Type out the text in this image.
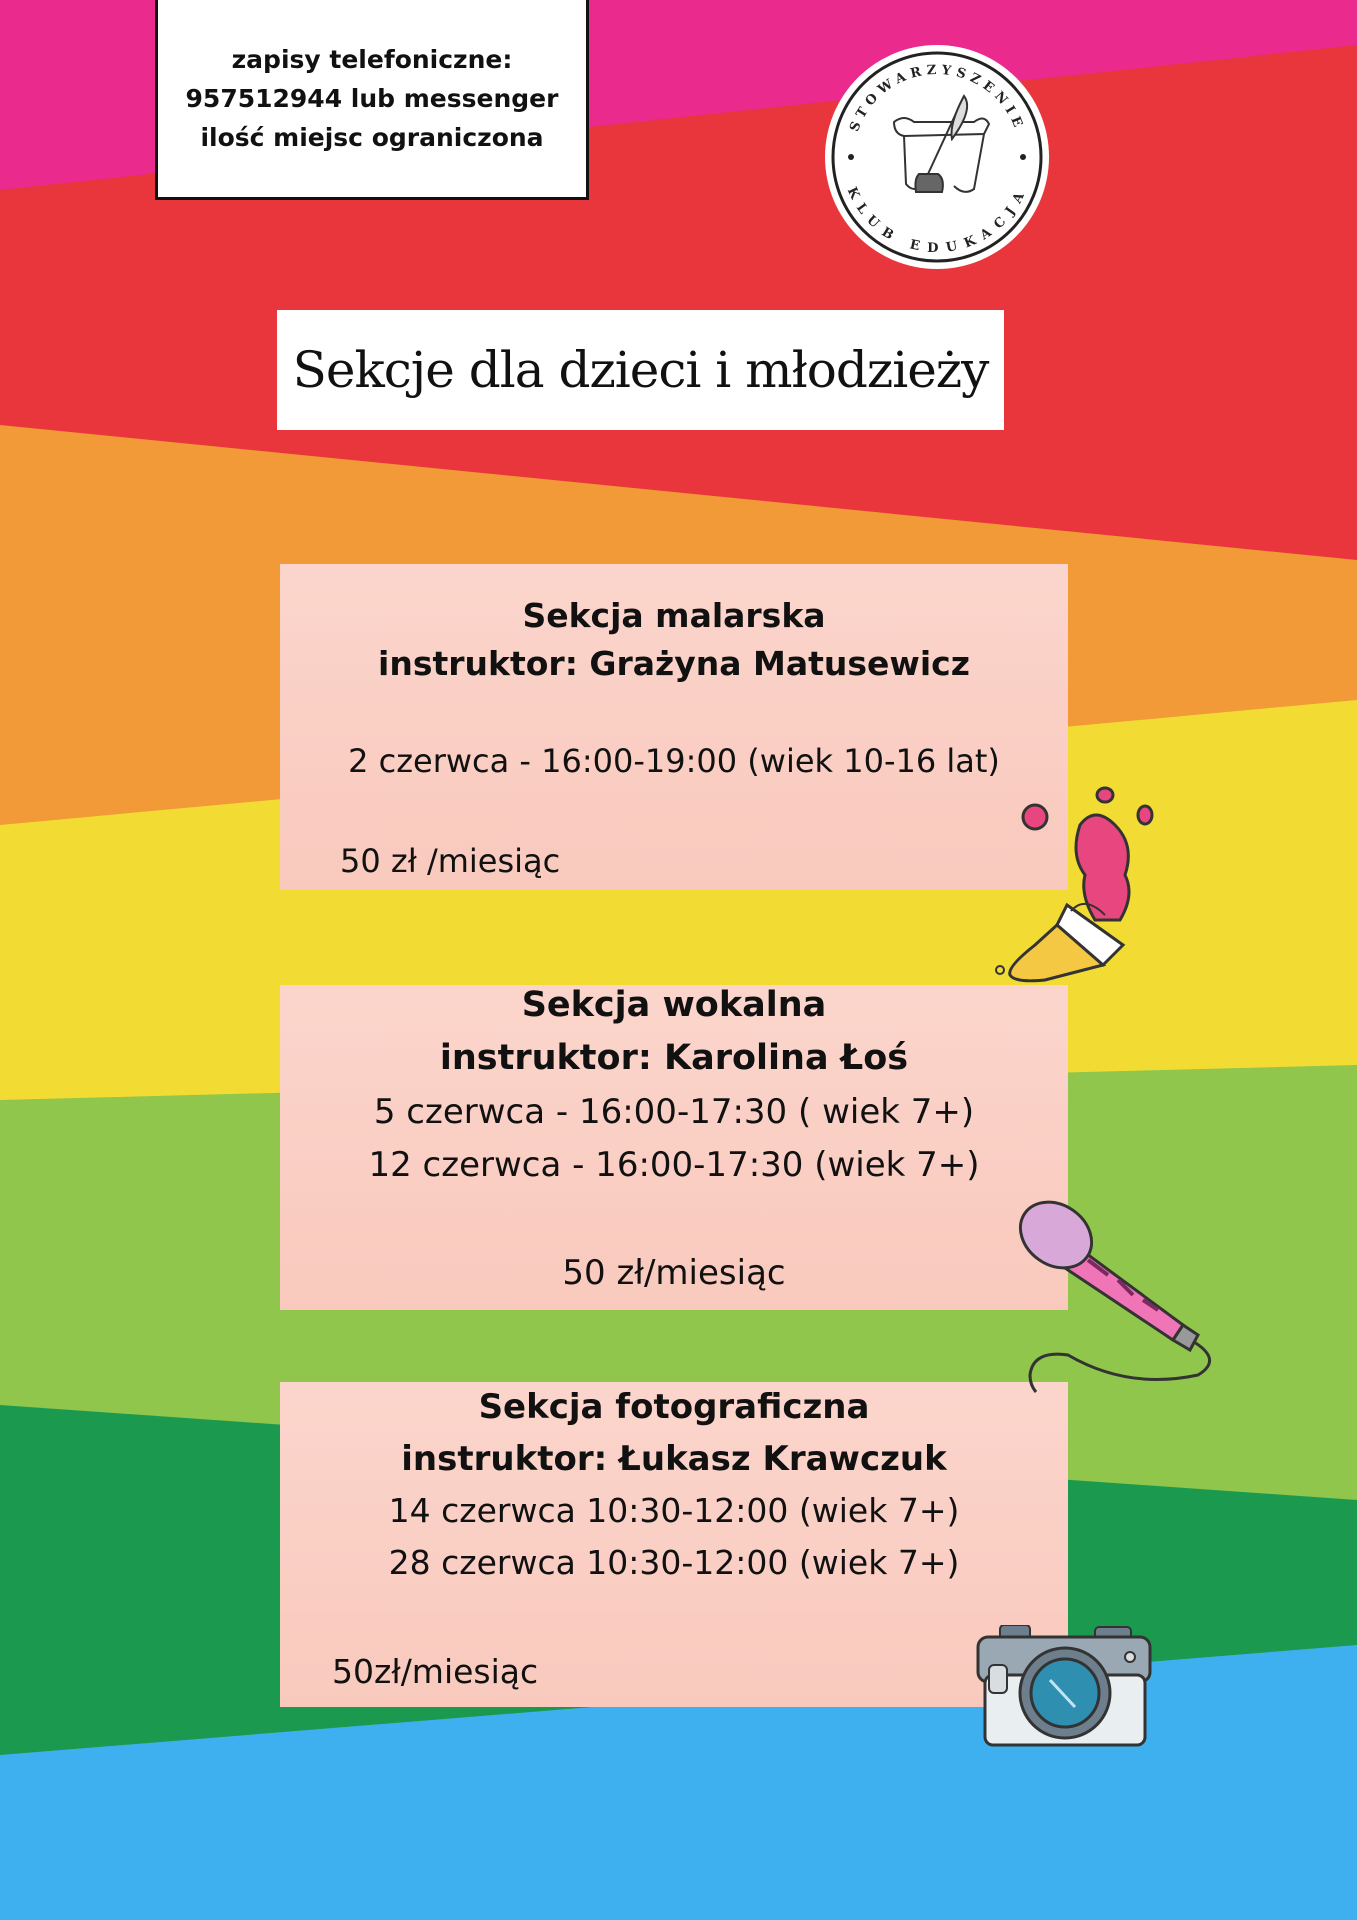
zapisy telefoniczne:
957512944 lub messenger
ilość miejsc ograniczona	STOWARZYSZENIE
KLUB EDUKACJA
Sekcje dla dzieci i młodzieży
Sekcja malarska
instruktor: Grażyna Matusewicz
2 czerwca - 16:00-19:00 (wiek 10-16 lat)
50 zł /miesiąc
Sekcja wokalna
instruktor: Karolina Łoś
5 czerwca - 16:00-17:30 ( wiek 7+)
12 czerwca - 16:00-17:30 (wiek 7+)
50 zł/miesiąc
Sekcja fotograficzna
instruktor: Łukasz Krawczuk
14 czerwca 10:30-12:00 (wiek 7+)
28 czerwca 10:30-12:00 (wiek 7+)
50zł/miesiąc
